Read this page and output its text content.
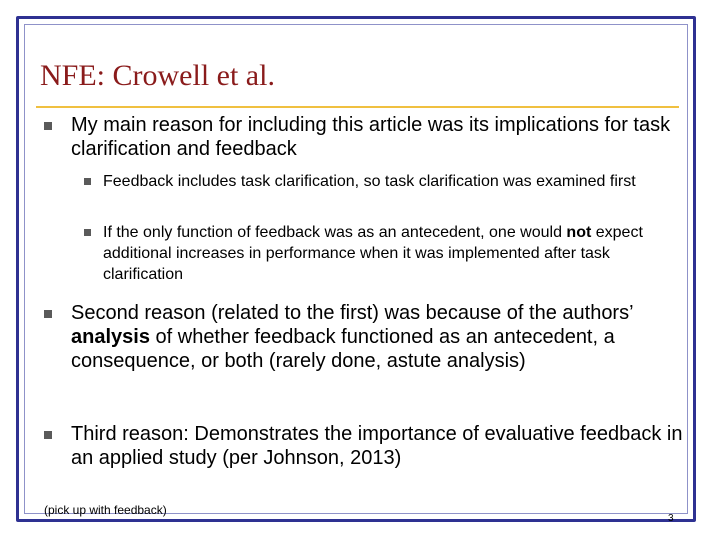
NFE: Crowell et al.
My main reason for including this article was its implications for task clarification and feedback
Feedback includes task clarification, so task clarification was examined first
If the only function of feedback was as an antecedent, one would not expect additional increases in performance when it was implemented after task clarification
Second reason (related to the first) was because of the authors’ analysis of whether feedback functioned as an antecedent, a consequence, or both (rarely done, astute analysis)
Third reason: Demonstrates the importance of evaluative feedback in an applied study (per Johnson, 2013)
(pick up with feedback)
3
